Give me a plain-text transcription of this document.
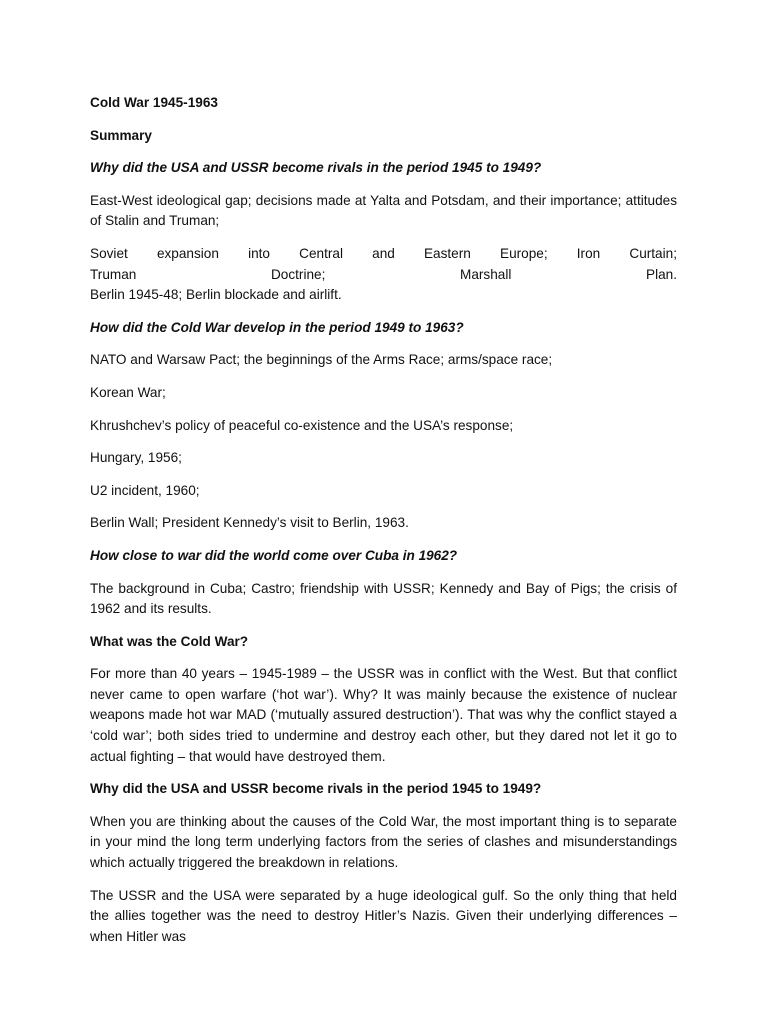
Cold War 1945-1963

Summary

Why did the USA and USSR become rivals in the period 1945 to 1949?

East-West ideological gap; decisions made at Yalta and Potsdam, and their importance; attitudes of Stalin and Truman;

Soviet expansion into Central and Eastern Europe; Iron Curtain;
Truman	Doctrine;	Marshall	Plan.
Berlin 1945-48; Berlin blockade and airlift.

How did the Cold War develop in the period 1949 to 1963?

NATO and Warsaw Pact; the beginnings of the Arms Race; arms/space race;

Korean War;

Khrushchev’s policy of peaceful co-existence and the USA’s response;

Hungary, 1956;

U2 incident, 1960;

Berlin Wall; President Kennedy’s visit to Berlin, 1963.

How close to war did the world come over Cuba in 1962?

The background in Cuba; Castro; friendship with USSR; Kennedy and Bay of Pigs; the crisis of 1962 and its results.

What was the Cold War?

For more than 40 years – 1945-1989 – the USSR was in conflict with the West. But that conflict never came to open warfare (‘hot war’). Why? It was mainly because the existence of nuclear weapons made hot war MAD (‘mutually assured destruction’). That was why the conflict stayed a ‘cold war’; both sides tried to undermine and destroy each other, but they dared not let it go to actual fighting – that would have destroyed them.

Why did the USA and USSR become rivals in the period 1945 to 1949?

When you are thinking about the causes of the Cold War, the most important thing is to separate in your mind the long term underlying factors from the series of clashes and misunderstandings which actually triggered the breakdown in relations.

The USSR and the USA were separated by a huge ideological gulf. So the only thing that held the allies together was the need to destroy Hitler’s Nazis. Given their underlying differences – when Hitler was
